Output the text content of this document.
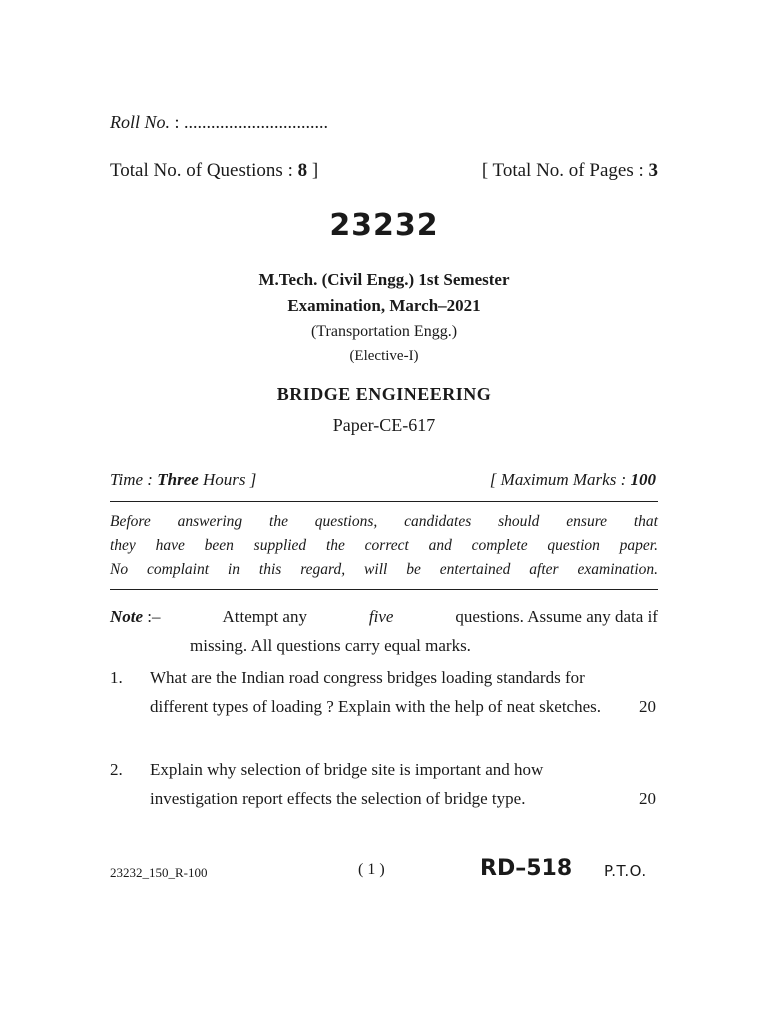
Roll No. : ................................
Total No. of Questions : 8 ]	[ Total No. of Pages : 3
23232
M.Tech. (Civil Engg.) 1st Semester
Examination, March–2021
(Transportation Engg.)
(Elective-I)
BRIDGE ENGINEERING
Paper-CE-617
Time : Three Hours ]	[ Maximum Marks : 100
Before answering the questions, candidates should ensure that
they have been supplied the correct and complete question paper.
No complaint in this regard, will be entertained after examination.
Note :–	Attempt any	five	questions. Assume any data if
missing. All questions carry equal marks.
1. What are the Indian road congress bridges loading standards for different types of loading ? Explain with the help of neat sketches.	20
2. Explain why selection of bridge site is important and how investigation report effects the selection of bridge type.	20
23232_150_R-100	( 1 )	RD–518 P.T.O.
